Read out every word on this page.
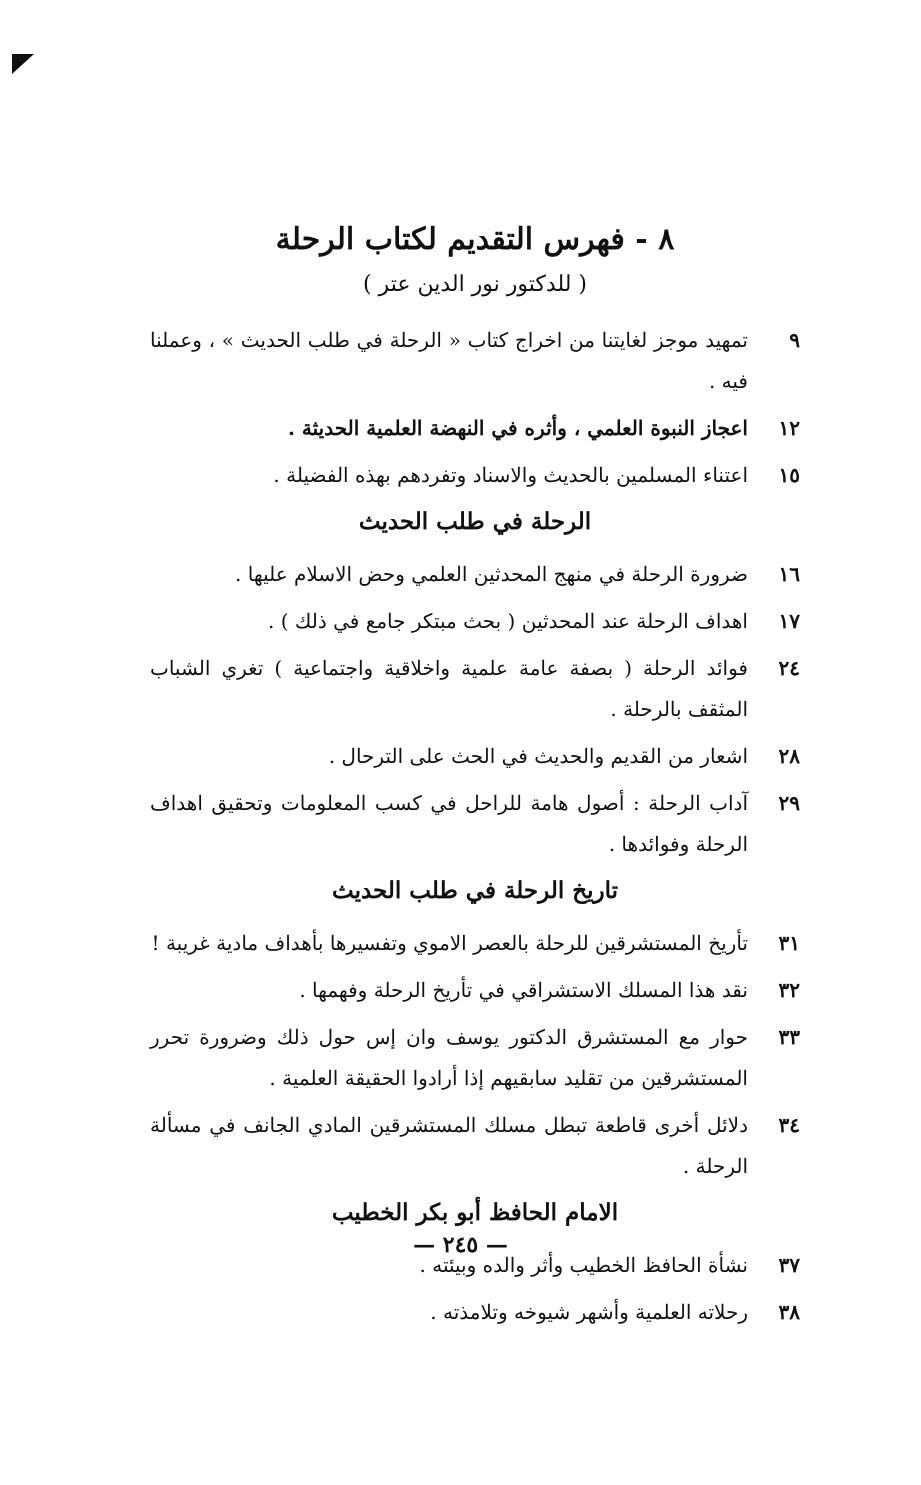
٨ - فهرس التقديم لكتاب الرحلة
( للدكتور نور الدين عتر )
٩
تمهيد موجز لغايتنا من اخراج كتاب « الرحلة في طلب الحديث » ، وعملنا فيه .
١٢
اعجاز النبوة العلمي ، وأثره في النهضة العلمية الحديثة .
١٥
اعتناء المسلمين بالحديث والاسناد وتفردهم بهذه الفضيلة .
الرحلة في طلب الحديث
١٦
ضرورة الرحلة في منهج المحدثين العلمي وحض الاسلام عليها .
١٧
اهداف الرحلة عند المحدثين ( بحث مبتكر جامع في ذلك ) .
٢٤
فوائد الرحلة ( بصفة عامة علمية واخلاقية واجتماعية ) تغري الشباب المثقف بالرحلة .
٢٨
اشعار من القديم والحديث في الحث على الترحال .
٢٩
آداب الرحلة : أصول هامة للراحل في كسب المعلومات وتحقيق اهداف الرحلة وفوائدها .
تاريخ الرحلة في طلب الحديث
٣١
تأريخ المستشرقين للرحلة بالعصر الاموي وتفسيرها بأهداف مادية غريبة !
٣٢
نقد هذا المسلك الاستشراقي في تأريخ الرحلة وفهمها .
٣٣
حوار مع المستشرق الدكتور يوسف وان إس حول ذلك وضرورة تحرر المستشرقين من تقليد سابقيهم إذا أرادوا الحقيقة العلمية .
٣٤
دلائل أخرى قاطعة تبطل مسلك المستشرقين المادي الجانف في مسألة الرحلة .
الامام الحافظ أبو بكر الخطيب
٣٧
نشأة الحافظ الخطيب وأثر والده وبيئته .
٣٨
رحلاته العلمية وأشهر شيوخه وتلامذته .
— ٢٤٥ —
